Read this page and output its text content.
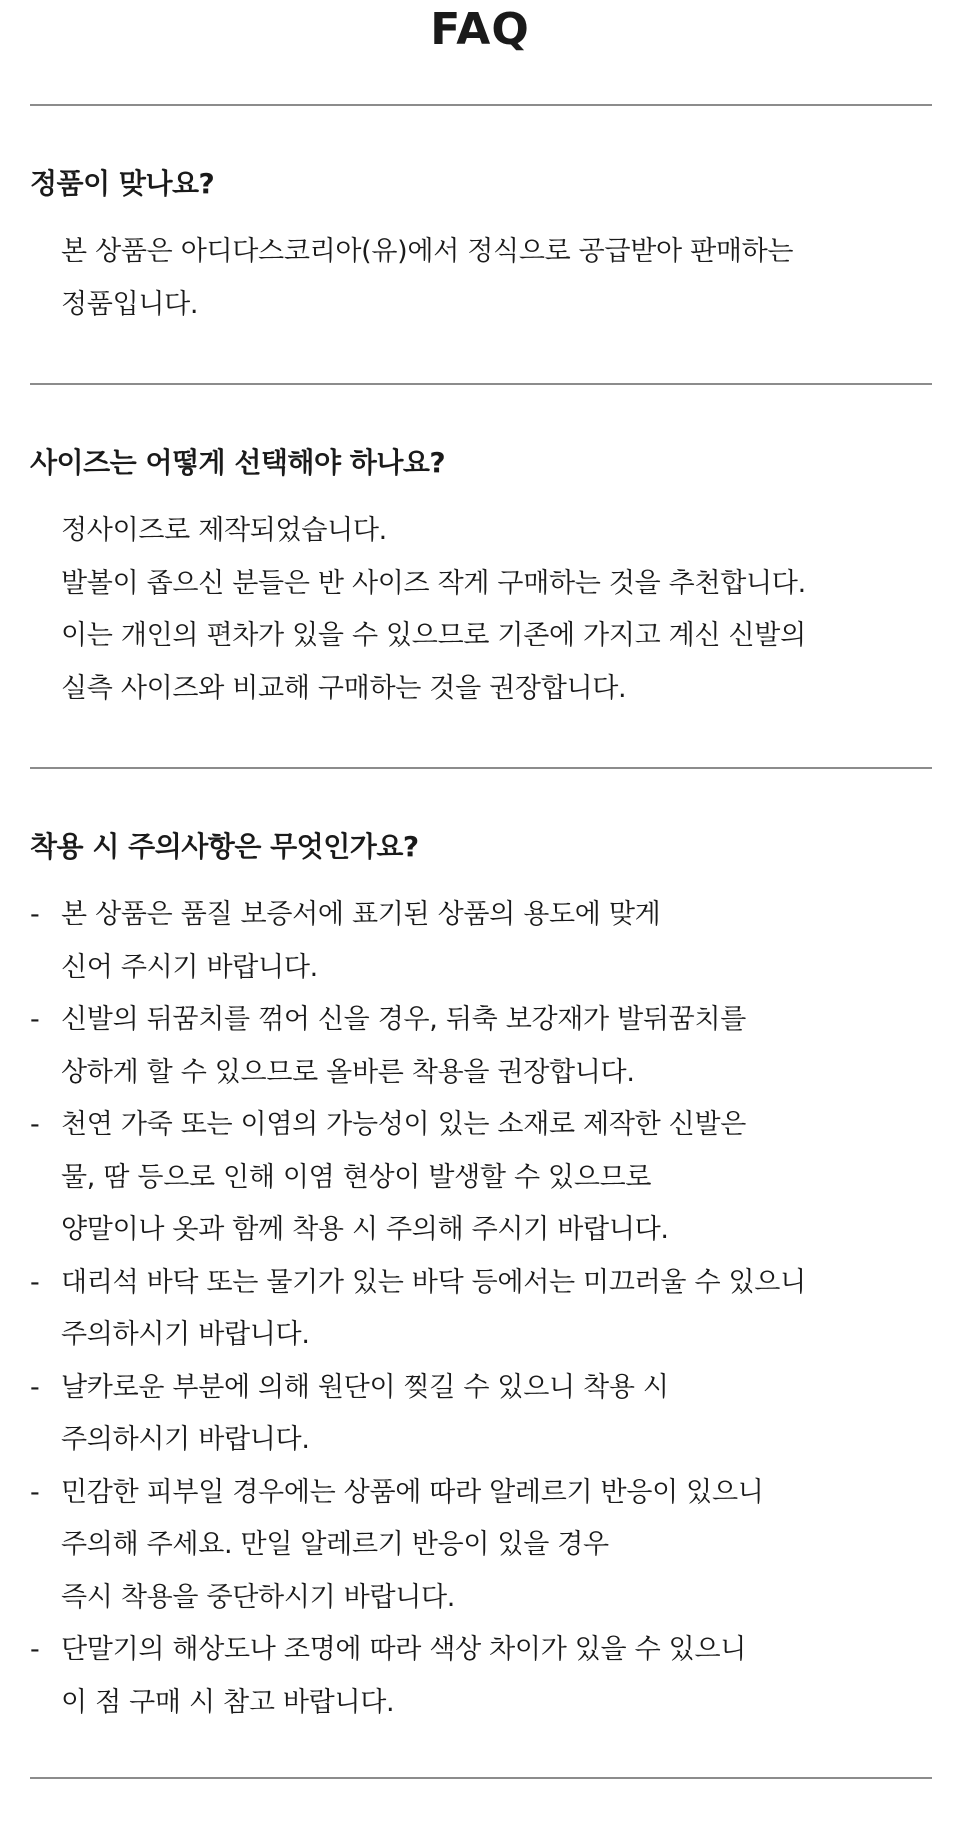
FAQ
정품이 맞나요?
본 상품은 아디다스코리아(유)에서 정식으로 공급받아 판매하는
정품입니다.
사이즈는 어떻게 선택해야 하나요?
정사이즈로 제작되었습니다.
발볼이 좁으신 분들은 반 사이즈 작게 구매하는 것을 추천합니다.
이는 개인의 편차가 있을 수 있으므로 기존에 가지고 계신 신발의
실측 사이즈와 비교해 구매하는 것을 권장합니다.
착용 시 주의사항은 무엇인가요?
- 본 상품은 품질 보증서에 표기된 상품의 용도에 맞게
신어 주시기 바랍니다.
- 신발의 뒤꿈치를 꺾어 신을 경우, 뒤축 보강재가 발뒤꿈치를
상하게 할 수 있으므로 올바른 착용을 권장합니다.
- 천연 가죽 또는 이염의 가능성이 있는 소재로 제작한 신발은
물, 땀 등으로 인해 이염 현상이 발생할 수 있으므로
양말이나 옷과 함께 착용 시 주의해 주시기 바랍니다.
- 대리석 바닥 또는 물기가 있는 바닥 등에서는 미끄러울 수 있으니
주의하시기 바랍니다.
- 날카로운 부분에 의해 원단이 찢길 수 있으니 착용 시
주의하시기 바랍니다.
- 민감한 피부일 경우에는 상품에 따라 알레르기 반응이 있으니
주의해 주세요. 만일 알레르기 반응이 있을 경우
즉시 착용을 중단하시기 바랍니다.
- 단말기의 해상도나 조명에 따라 색상 차이가 있을 수 있으니
이 점 구매 시 참고 바랍니다.
